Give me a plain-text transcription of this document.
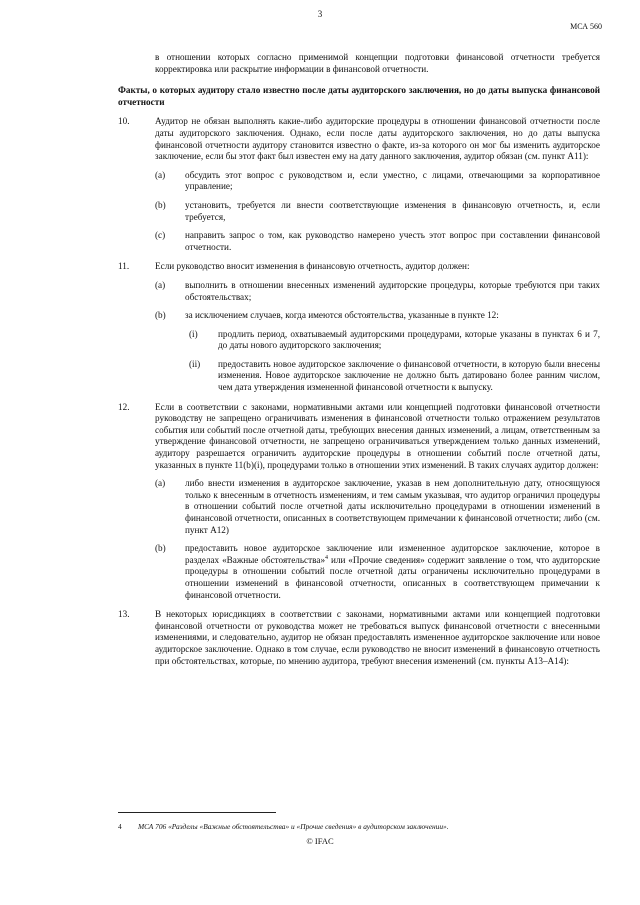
3
МСА 560

в отношении которых согласно применимой концепции подготовки финансовой отчетности требуется корректировка или раскрытие информации в финансовой отчетности.

Факты, о которых аудитору стало известно после даты аудиторского заключения, но до даты выпуска финансовой отчетности

10.	Аудитор не обязан выполнять какие-либо аудиторские процедуры в отношении финансовой отчетности после даты аудиторского заключения. Однако, если после даты аудиторского заключения, но до даты выпуска финансовой отчетности аудитору становится известно о факте, из-за которого он мог бы изменить аудиторское заключение, если бы этот факт был известен ему на дату данного заключения, аудитор обязан (см. пункт A11):

(a) обсудить этот вопрос с руководством и, если уместно, с лицами, отвечающими за корпоративное управление;

(b) установить, требуется ли внести соответствующие изменения в финансовую отчетность, и, если требуется,

(c) направить запрос о том, как руководство намерено учесть этот вопрос при составлении финансовой отчетности.

11.	Если руководство вносит изменения в финансовую отчетность, аудитор должен:

(a) выполнить в отношении внесенных изменений аудиторские процедуры, которые требуются при таких обстоятельствах;

(b) за исключением случаев, когда имеются обстоятельства, указанные в пункте 12:

(i) продлить период, охватываемый аудиторскими процедурами, которые указаны в пунктах 6 и 7, до даты нового аудиторского заключения;

(ii) предоставить новое аудиторское заключение о финансовой отчетности, в которую были внесены изменения. Новое аудиторское заключение не должно быть датировано более ранним числом, чем дата утверждения измененной финансовой отчетности к выпуску.

12.	Если в соответствии с законами, нормативными актами или концепцией подготовки финансовой отчетности руководству не запрещено ограничивать изменения в финансовой отчетности только отражением результатов события или событий после отчетной даты, требующих внесения данных изменений, а лицам, ответственным за утверждение финансовой отчетности, не запрещено ограничиваться утверждением только данных изменений, аудитору разрешается ограничить аудиторские процедуры в отношении событий после отчетной даты, указанных в пункте 11(b)(i), процедурами только в отношении этих изменений. В таких случаях аудитор должен:

(a) либо внести изменения в аудиторское заключение, указав в нем дополнительную дату, относящуюся только к внесенным в отчетность изменениям, и тем самым указывая, что аудитор ограничил процедуры в отношении событий после отчетной даты исключительно процедурами в отношении изменений в финансовой отчетности, описанных в соответствующем примечании к финансовой отчетности; либо (см. пункт A12)

(b) предоставить новое аудиторское заключение или измененное аудиторское заключение, которое в разделах «Важные обстоятельства»$^4$ или «Прочие сведения» содержит заявление о том, что аудиторские процедуры в отношении событий после отчетной даты ограничены исключительно процедурами в отношении изменений в финансовой отчетности, описанных в соответствующем примечании к финансовой отчетности.

13.	В некоторых юрисдикциях в соответствии с законами, нормативными актами или концепцией подготовки финансовой отчетности от руководства может не требоваться выпуск финансовой отчетности с внесенными изменениями, и следовательно, аудитор не обязан предоставлять измененное аудиторское заключение или новое аудиторское заключение. Однако в том случае, если руководство не вносит изменений в финансовую отчетность при обстоятельствах, которые, по мнению аудитора, требуют внесения изменений (см. пункты A13–A14):

4 МСА 706 «Разделы «Важные обстоятельства» и «Прочие сведения» в аудиторском заключении».
© IFAC
